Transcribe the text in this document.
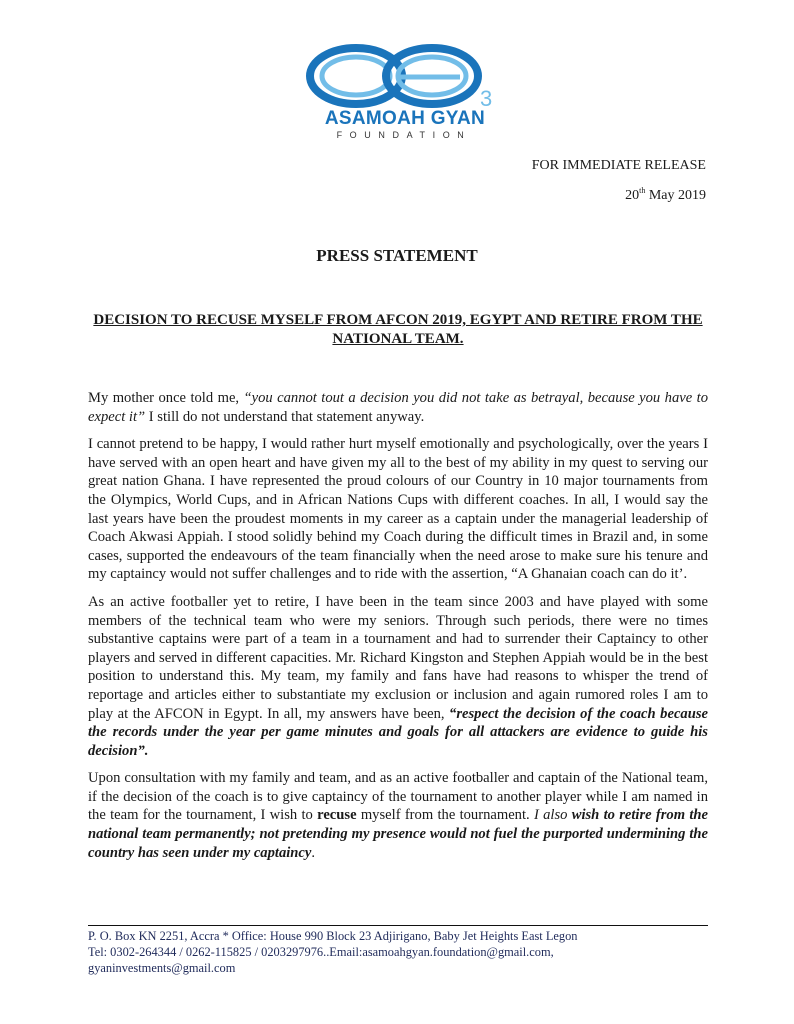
3
ASAMOAH GYAN
FOUNDATION
FOR IMMEDIATE RELEASE
20th May 2019
PRESS STATEMENT
DECISION TO RECUSE MYSELF FROM AFCON 2019, EGYPT AND RETIRE FROM THE NATIONAL TEAM.

My mother once told me, “you cannot tout a decision you did not take as betrayal, because you have to expect it” I still do not understand that statement anyway.

I cannot pretend to be happy, I would rather hurt myself emotionally and psychologically, over the years I have served with an open heart and have given my all to the best of my ability in my quest to serving our great nation Ghana. I have represented the proud colours of our Country in 10 major tournaments from the Olympics, World Cups, and in African Nations Cups with different coaches. In all, I would say the last years have been the proudest moments in my career as a captain under the managerial leadership of Coach Akwasi Appiah. I stood solidly behind my Coach during the difficult times in Brazil and, in some cases, supported the endeavours of the team financially when the need arose to make sure his tenure and my captaincy would not suffer challenges and to ride with the assertion, “A Ghanaian coach can do it’.

As an active footballer yet to retire, I have been in the team since 2003 and have played with some members of the technical team who were my seniors. Through such periods, there were no times substantive captains were part of a team in a tournament and had to surrender their Captaincy to other players and served in different capacities. Mr. Richard Kingston and Stephen Appiah would be in the best position to understand this. My team, my family and fans have had reasons to whisper the trend of reportage and articles either to substantiate my exclusion or inclusion and again rumored roles I am to play at the AFCON in Egypt. In all, my answers have been, “respect the decision of the coach because the records under the year per game minutes and goals for all attackers are evidence to guide his decision”.

Upon consultation with my family and team, and as an active footballer and captain of the National team, if the decision of the coach is to give captaincy of the tournament to another player while I am named in the team for the tournament, I wish to recuse myself from the tournament. I also wish to retire from the national team permanently; not pretending my presence would not fuel the purported undermining the country has seen under my captaincy.

P. O. Box KN 2251, Accra * Office: House 990 Block 23 Adjirigano, Baby Jet Heights East Legon
Tel: 0302-264344 / 0262-115825 / 0203297976..Email:asamoahgyan.foundation@gmail.com,
gyaninvestments@gmail.com
